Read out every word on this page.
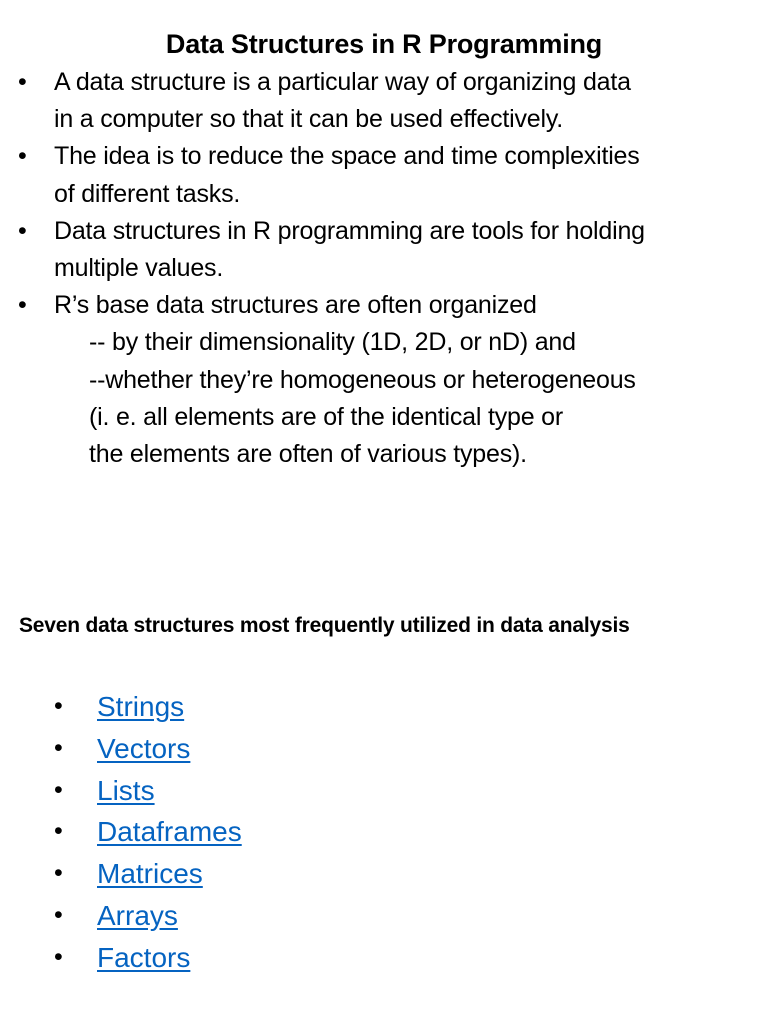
Data Structures in R Programming
• A data structure is a particular way of organizing data
in a computer so that it can be used effectively.
• The idea is to reduce the space and time complexities
of different tasks.
• Data structures in R programming are tools for holding
multiple values.
• R’s base data structures are often organized
-- by their dimensionality (1D, 2D, or nD) and
--whether they’re homogeneous or heterogeneous
(i. e. all elements are of the identical type or
the elements are often of various types).
Seven data structures most frequently utilized in data analysis
• Strings
• Vectors
• Lists
• Dataframes
• Matrices
• Arrays
• Factors
